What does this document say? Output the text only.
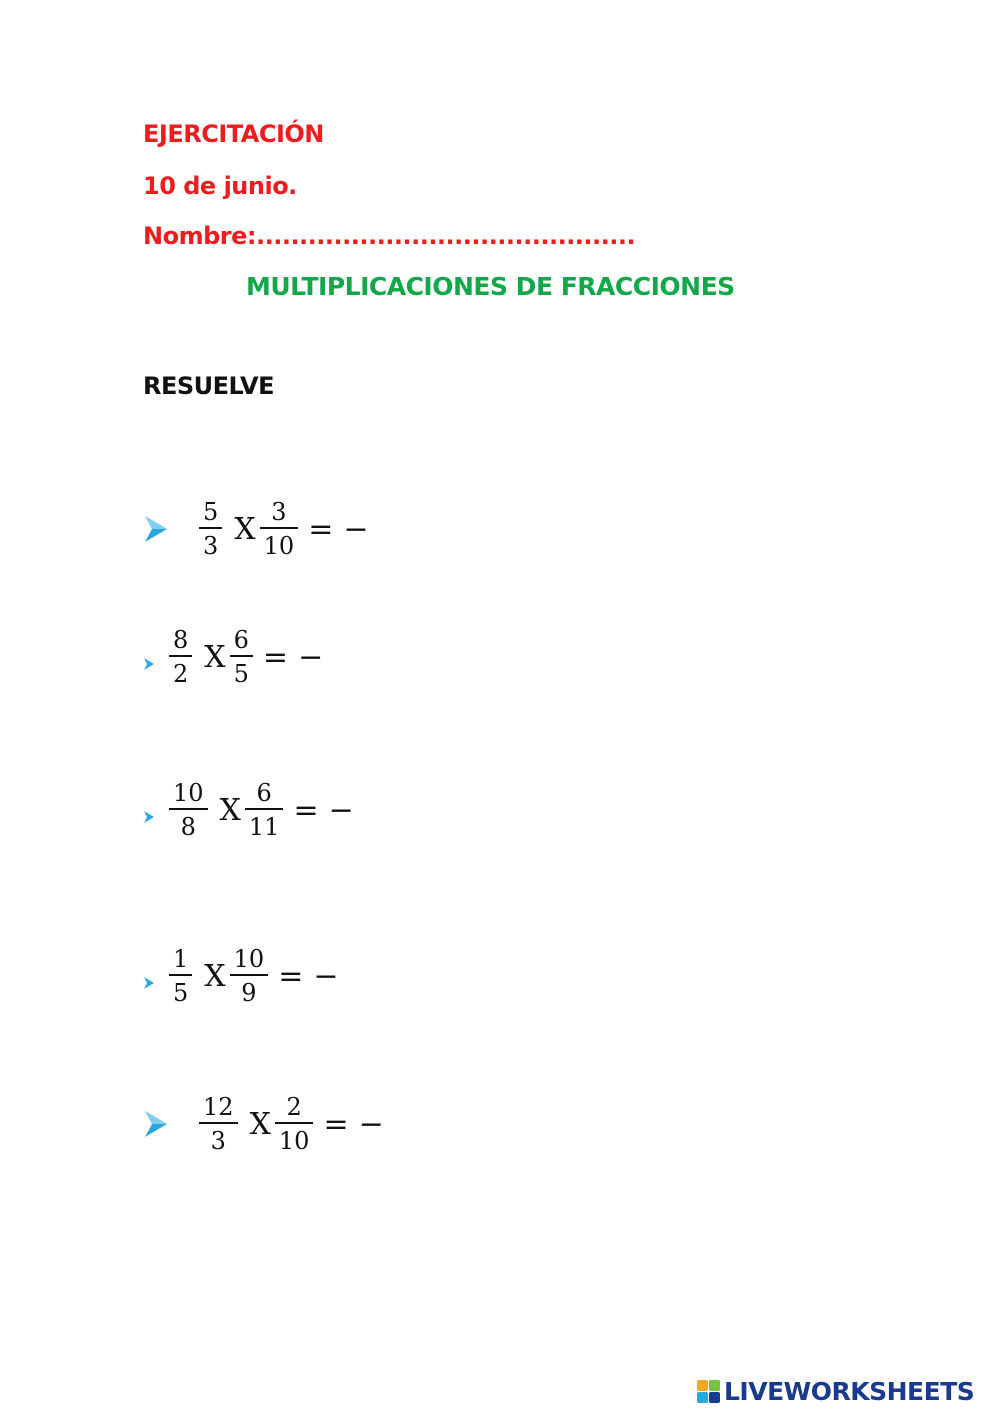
EJERCITACIÓN
10 de junio.
Nombre:............................................
MULTIPLICACIONES DE FRACCIONES
RESUELVE
$\frac{5}{3}$ X $\frac{3}{10}$ = −
$\frac{8}{2}$ X $\frac{6}{5}$ = −
$\frac{10}{8}$ X $\frac{6}{11}$ = −
$\frac{1}{5}$ X $\frac{10}{9}$ = −
$\frac{12}{3}$ X $\frac{2}{10}$ = −
LIVEWORKSHEETS
